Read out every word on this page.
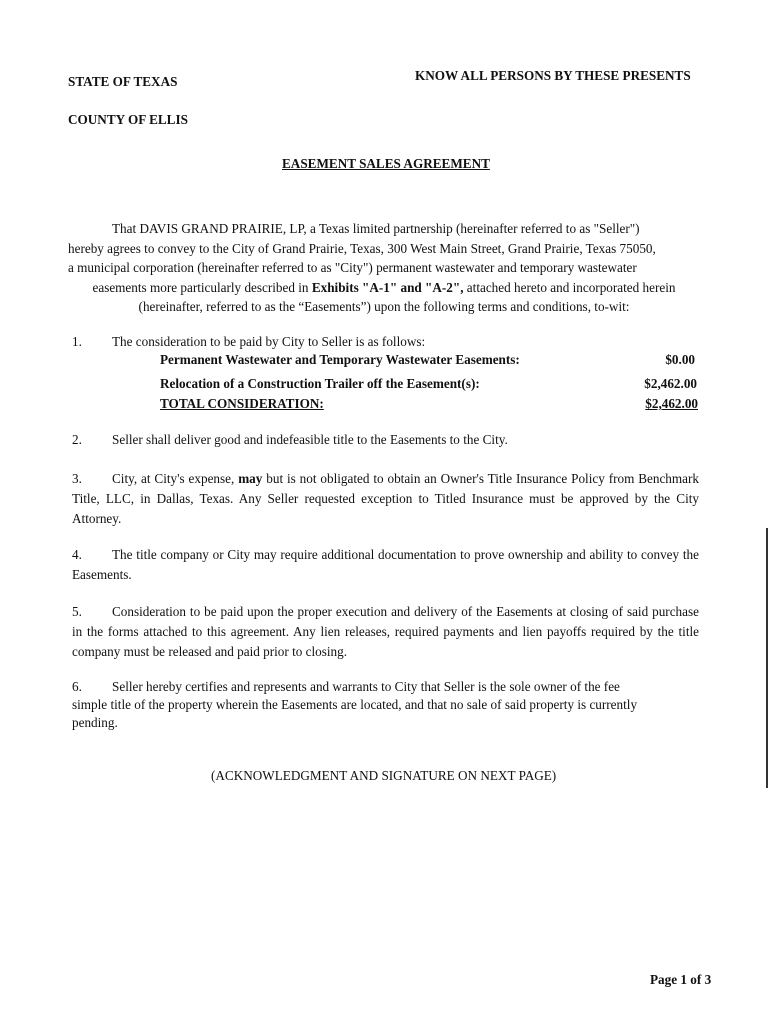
STATE OF TEXAS	KNOW ALL PERSONS BY THESE PRESENTS
COUNTY OF ELLIS
EASEMENT SALES AGREEMENT
That DAVIS GRAND PRAIRIE, LP, a Texas limited partnership (hereinafter referred to as "Seller")
hereby agrees to convey to the City of Grand Prairie, Texas, 300 West Main Street, Grand Prairie, Texas 75050,
a municipal corporation (hereinafter referred to as "City") permanent wastewater and temporary wastewater
easements more particularly described in Exhibits "A-1" and "A-2", attached hereto and incorporated herein
(hereinafter, referred to as the “Easements”) upon the following terms and conditions, to-wit:
1. The consideration to be paid by City to Seller is as follows:
Permanent Wastewater and Temporary Wastewater Easements:	$0.00
Relocation of a Construction Trailer off the Easement(s):	$2,462.00
TOTAL CONSIDERATION:	$2,462.00
2. Seller shall deliver good and indefeasible title to the Easements to the City.
3. City, at City's expense, may but is not obligated to obtain an Owner's Title Insurance Policy from Benchmark Title, LLC, in Dallas, Texas. Any Seller requested exception to Titled Insurance must be approved by the City Attorney.
4. The title company or City may require additional documentation to prove ownership and ability to convey the Easements.
5. Consideration to be paid upon the proper execution and delivery of the Easements at closing of said purchase in the forms attached to this agreement. Any lien releases, required payments and lien payoffs required by the title company must be released and paid prior to closing.
6. Seller hereby certifies and represents and warrants to City that Seller is the sole owner of the fee
simple title of the property wherein the Easements are located, and that no sale of said property is currently
pending.
(ACKNOWLEDGMENT AND SIGNATURE ON NEXT PAGE)
Page 1 of 3
